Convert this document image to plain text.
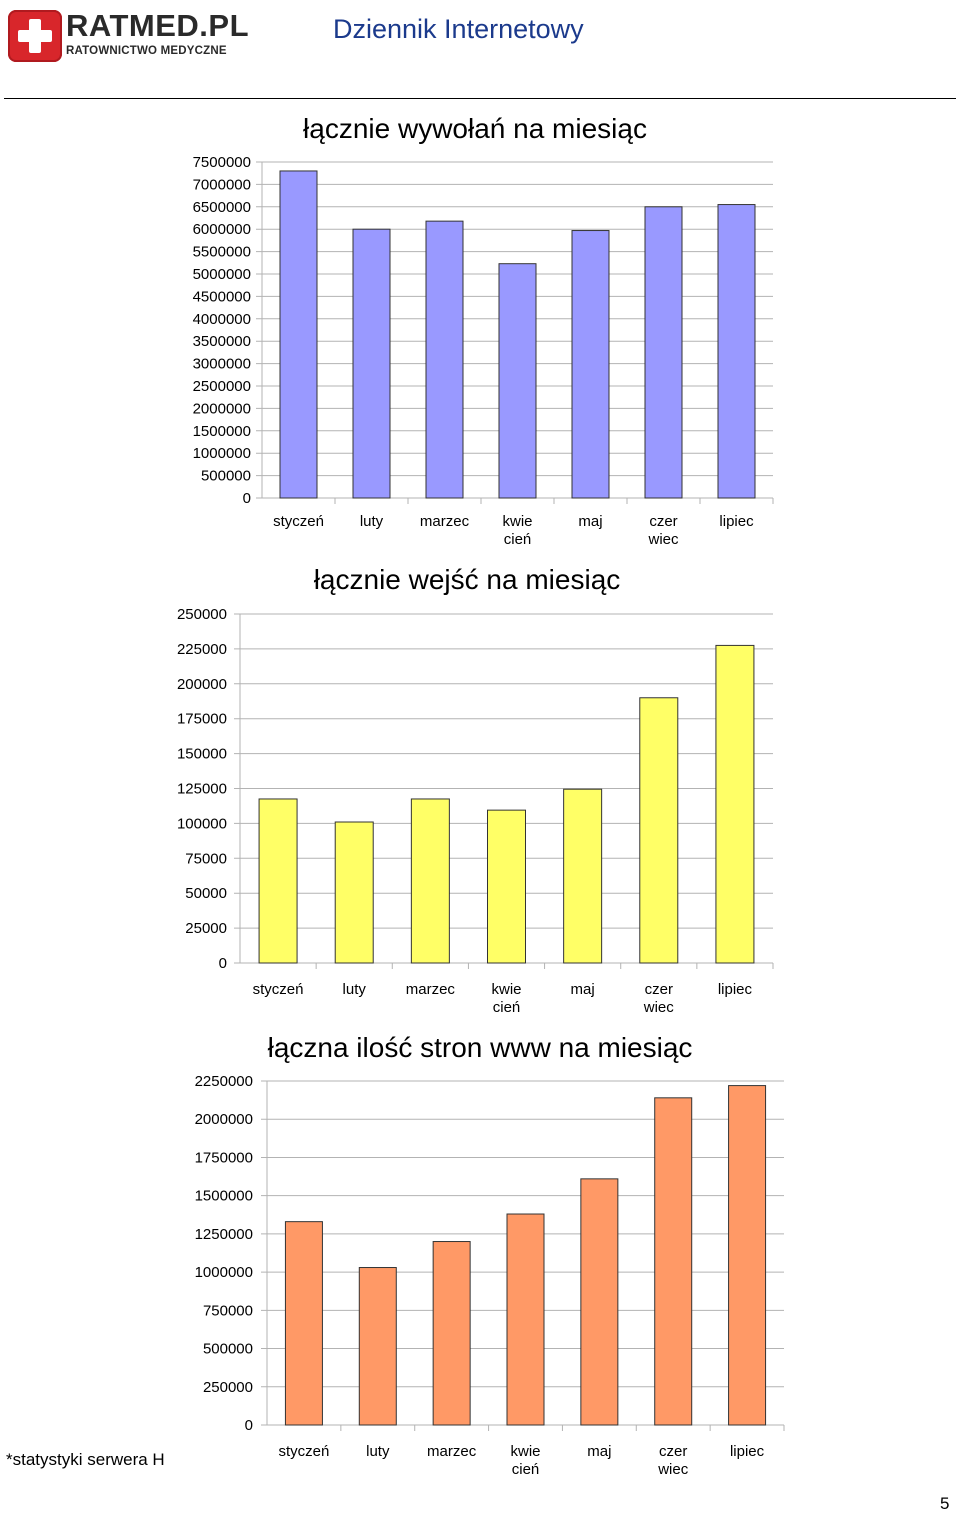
RATMED.PL
RATOWNICTWO MEDYCZNE
Dziennik Internetowy
0
500000
1000000
1500000
2000000
2500000
3000000
3500000
4000000
4500000
5000000
5500000
6000000
6500000
7000000
7500000
łącznie wywołań na miesiąc
styczeń luty marzec kwie
cień
maj	czer
wiec
lipiec
0
25000
50000
75000
100000
125000
150000
175000
200000
225000
250000
łącznie wejść na miesiąc
styczeń	luty	marzec kwie
cień
maj	czer
wiec
lipiec
0
250000
500000
750000
1000000
1250000
1500000
1750000
2000000
2250000
łączna ilość stron www na miesiąc
styczeń luty	marzec kwie
cień
maj	czer
wiec
lipiec
*statystyki serwera H
5
